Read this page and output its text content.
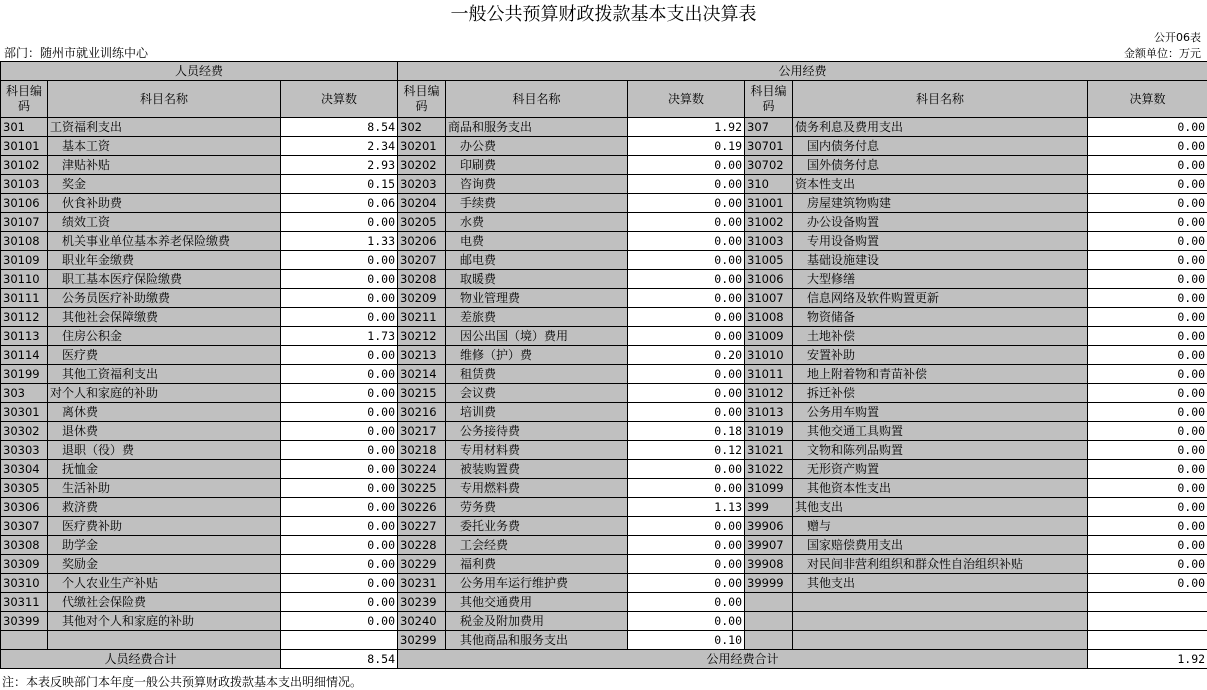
一般公共预算财政拨款基本支出决算表
公开06表
部门：随州市就业训练中心	金额单位：万元
人员经费			公用经费					
科目编码	科目名称	决算数	科目编码	科目名称	决算数	科目编码	科目名称	决算数
301	工资福利支出	8.54	302	商品和服务支出	1.92	307	债务利息及费用支出	0.00
30101	基本工资	2.34	30201	办公费	0.19	30701	国内债务付息	0.00
30102	津贴补贴	2.93	30202	印刷费	0.00	30702	国外债务付息	0.00
30103	奖金	0.15	30203	咨询费	0.00	310	资本性支出	0.00
30106	伙食补助费	0.06	30204	手续费	0.00	31001	房屋建筑物购建	0.00
30107	绩效工资	0.00	30205	水费	0.00	31002	办公设备购置	0.00
30108	机关事业单位基本养老保险缴费	1.33	30206	电费	0.00	31003	专用设备购置	0.00
30109	职业年金缴费	0.00	30207	邮电费	0.00	31005	基础设施建设	0.00
30110	职工基本医疗保险缴费	0.00	30208	取暖费	0.00	31006	大型修缮	0.00
30111	公务员医疗补助缴费	0.00	30209	物业管理费	0.00	31007	信息网络及软件购置更新	0.00
30112	其他社会保障缴费	0.00	30211	差旅费	0.00	31008	物资储备	0.00
30113	住房公积金	1.73	30212	因公出国（境）费用	0.00	31009	土地补偿	0.00
30114	医疗费	0.00	30213	维修（护）费	0.20	31010	安置补助	0.00
30199	其他工资福利支出	0.00	30214	租赁费	0.00	31011	地上附着物和青苗补偿	0.00
303	对个人和家庭的补助	0.00	30215	会议费	0.00	31012	拆迁补偿	0.00
30301	离休费	0.00	30216	培训费	0.00	31013	公务用车购置	0.00
30302	退休费	0.00	30217	公务接待费	0.18	31019	其他交通工具购置	0.00
30303	退职（役）费	0.00	30218	专用材料费	0.12	31021	文物和陈列品购置	0.00
30304	抚恤金	0.00	30224	被装购置费	0.00	31022	无形资产购置	0.00
30305	生活补助	0.00	30225	专用燃料费	0.00	31099	其他资本性支出	0.00
30306	救济费	0.00	30226	劳务费	1.13	399	其他支出	0.00
30307	医疗费补助	0.00	30227	委托业务费	0.00	39906	赠与	0.00
30308	助学金	0.00	30228	工会经费	0.00	39907	国家赔偿费用支出	0.00
30309	奖励金	0.00	30229	福利费	0.00	39908	对民间非营利组织和群众性自治组织补贴	0.00
30310	个人农业生产补贴	0.00	30231	公务用车运行维护费	0.00	39999	其他支出	0.00
30311	代缴社会保险费	0.00	30239	其他交通费用	0.00			
30399	其他对个人和家庭的补助	0.00	30240	税金及附加费用	0.00			
			30299	其他商品和服务支出	0.10			
人员经费合计		8.54	公用经费合计					1.92
注：本表反映部门本年度一般公共预算财政拨款基本支出明细情况。
